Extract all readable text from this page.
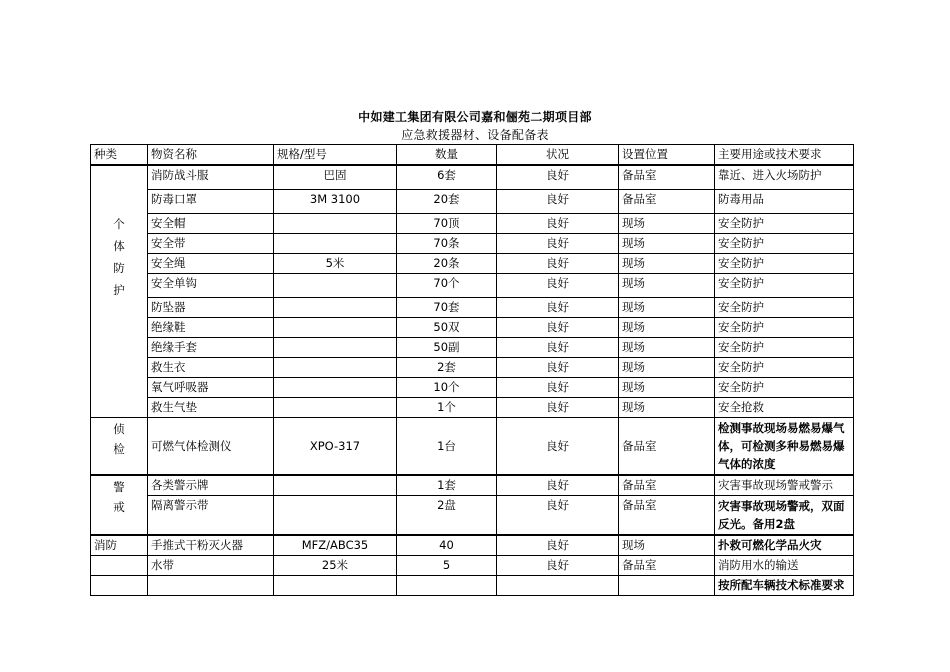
中如建工集团有限公司嘉和俪苑二期项目部
应急救援器材、设备配备表
种类	物资名称	规格/型号	数量	状况	设置位置	主要用途或技术要求
个
体
防
护	消防战斗服	巴固	6套	良好	备品室	靠近、进入火场防护
	防毒口罩	3M 3100	20套	良好	备品室	防毒用品
	安全帽		70顶	良好	现场	安全防护
	安全带		70条	良好	现场	安全防护
	安全绳	5米	20条	良好	现场	安全防护
	安全单钩		70个	良好	现场	安全防护
	防坠器		70套	良好	现场	安全防护
	绝缘鞋		50双	良好	现场	安全防护
	绝缘手套		50副	良好	现场	安全防护
	救生衣		2套	良好	现场	安全防护
	氧气呼吸器		10个	良好	现场	安全防护
	救生气垫		1个	良好	现场	安全抢救
侦
检	可燃气体检测仪	XPO-317	1台	良好	备品室	检测事故现场易燃易爆气体，可检测多种易燃易爆气体的浓度
警
戒	各类警示牌		1套	良好	备品室	灾害事故现场警戒警示
	隔离警示带		2盘	良好	备品室	灾害事故现场警戒，双面反光。备用2盘
消防	手推式干粉灭火器	MFZ/ABC35	40	良好	现场	扑救可燃化学品火灾
	水带	25米	5	良好	备品室	消防用水的输送
						按所配车辆技术标准要求
